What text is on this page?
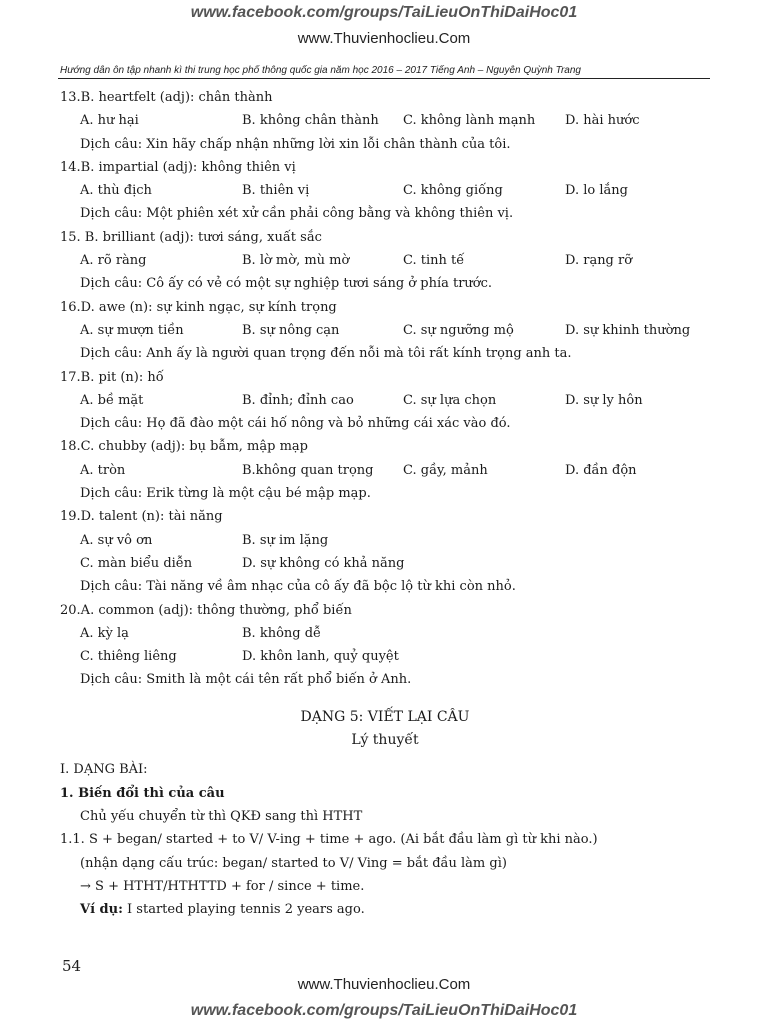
www.facebook.com/groups/TaiLieuOnThiDaiHoc01
www.Thuvienhoclieu.Com
Hướng dẫn ôn tập nhanh kì thi trung học phổ thông quốc gia năm học 2016 – 2017 Tiếng Anh – Nguyễn Quỳnh Trang
13.B. heartfelt (adj): chân thành
A. hư hại	B. không chân thành C. không lành mạnh D. hài hước
Dịch câu: Xin hãy chấp nhận những lời xin lỗi chân thành của tôi.
14.B. impartial (adj): không thiên vị
A. thù địch	B. thiên vị	C. không giống	D. lo lắng
Dịch câu: Một phiên xét xử cần phải công bằng và không thiên vị.
15. B. brilliant (adj): tươi sáng, xuất sắc
A. rõ ràng	B. lờ mờ, mù mờ	C. tinh tế	D. rạng rỡ
Dịch câu: Cô ấy có vẻ có một sự nghiệp tươi sáng ở phía trước.
16.D. awe (n): sự kinh ngạc, sự kính trọng
A. sự mượn tiền	B. sự nông cạn	C. sự ngưỡng mộ	D. sự khinh thường
Dịch câu: Anh ấy là người quan trọng đến nỗi mà tôi rất kính trọng anh ta.
17.B. pit (n): hố
A. bề mặt	B. đỉnh; đỉnh cao	C. sự lựa chọn	D. sự ly hôn
Dịch câu: Họ đã đào một cái hố nông và bỏ những cái xác vào đó.
18.C. chubby (adj): bụ bẫm, mập mạp
A. tròn	B.không quan trọng C. gầy, mảnh	D. đần độn
Dịch câu: Erik từng là một cậu bé mập mạp.
19.D. talent (n): tài năng
A. sự vô ơn	B. sự im lặng
C. màn biểu diễn	D. sự không có khả năng
Dịch câu: Tài năng về âm nhạc của cô ấy đã bộc lộ từ khi còn nhỏ.
20.A. common (adj): thông thường, phổ biến
A. kỳ lạ	B. không dễ
C. thiêng liêng	D. khôn lanh, quỷ quyệt
Dịch câu: Smith là một cái tên rất phổ biến ở Anh.
DẠNG 5: VIẾT LẠI CÂU
Lý thuyết
I. DẠNG BÀI:
1. Biến đổi thì của câu
Chủ yếu chuyển từ thì QKĐ sang thì HTHT
1.1. S + began/ started + to V/ V-ing + time + ago. (Ai bắt đầu làm gì từ khi nào.)
(nhận dạng cấu trúc: began/ started to V/ Ving = bắt đầu làm gì)
→ S + HTHT/HTHTTD + for / since + time.
Ví dụ: I started playing tennis 2 years ago.
54
www.Thuvienhoclieu.Com
www.facebook.com/groups/TaiLieuOnThiDaiHoc01
